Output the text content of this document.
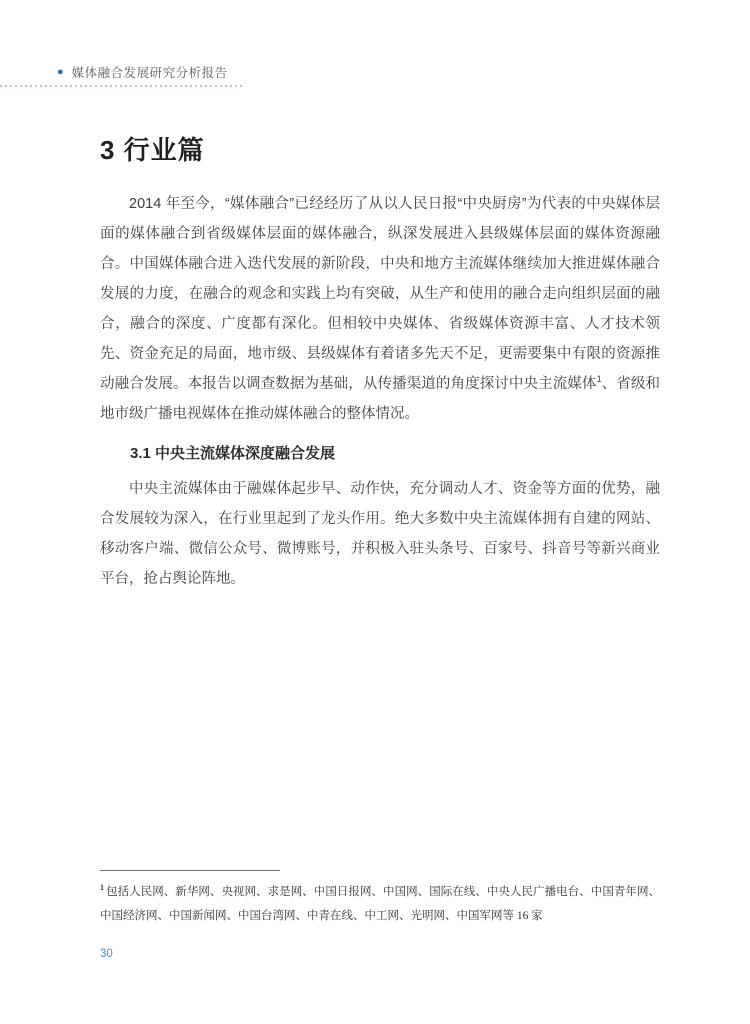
● 媒体融合发展研究分析报告
3 行业篇

2014 年至今，“媒体融合”已经经历了从以人民日报“中央厨房”为代表的中央媒体层面的媒体融合到省级媒体层面的媒体融合，纵深发展进入县级媒体层面的媒体资源融合。中国媒体融合进入迭代发展的新阶段，中央和地方主流媒体继续加大推进媒体融合发展的力度，在融合的观念和实践上均有突破，从生产和使用的融合走向组织层面的融合，融合的深度、广度都有深化。但相较中央媒体、省级媒体资源丰富、人才技术领先、资金充足的局面，地市级、县级媒体有着诸多先天不足，更需要集中有限的资源推动融合发展。本报告以调查数据为基础，从传播渠道的角度探讨中央主流媒体$^1$、省级和地市级广播电视媒体在推动媒体融合的整体情况。

3.1 中央主流媒体深度融合发展

中央主流媒体由于融媒体起步早、动作快，充分调动人才、资金等方面的优势，融合发展较为深入，在行业里起到了龙头作用。绝大多数中央主流媒体拥有自建的网站、移动客户端、微信公众号、微博账号，并积极入驻头条号、百家号、抖音号等新兴商业平台，抢占舆论阵地。

$^1$ 包括人民网、新华网、央视网、求是网、中国日报网、中国网、国际在线、中央人民广播电台、中国青年网、中国经济网、中国新闻网、中国台湾网、中青在线、中工网、光明网、中国军网等 16 家

30
